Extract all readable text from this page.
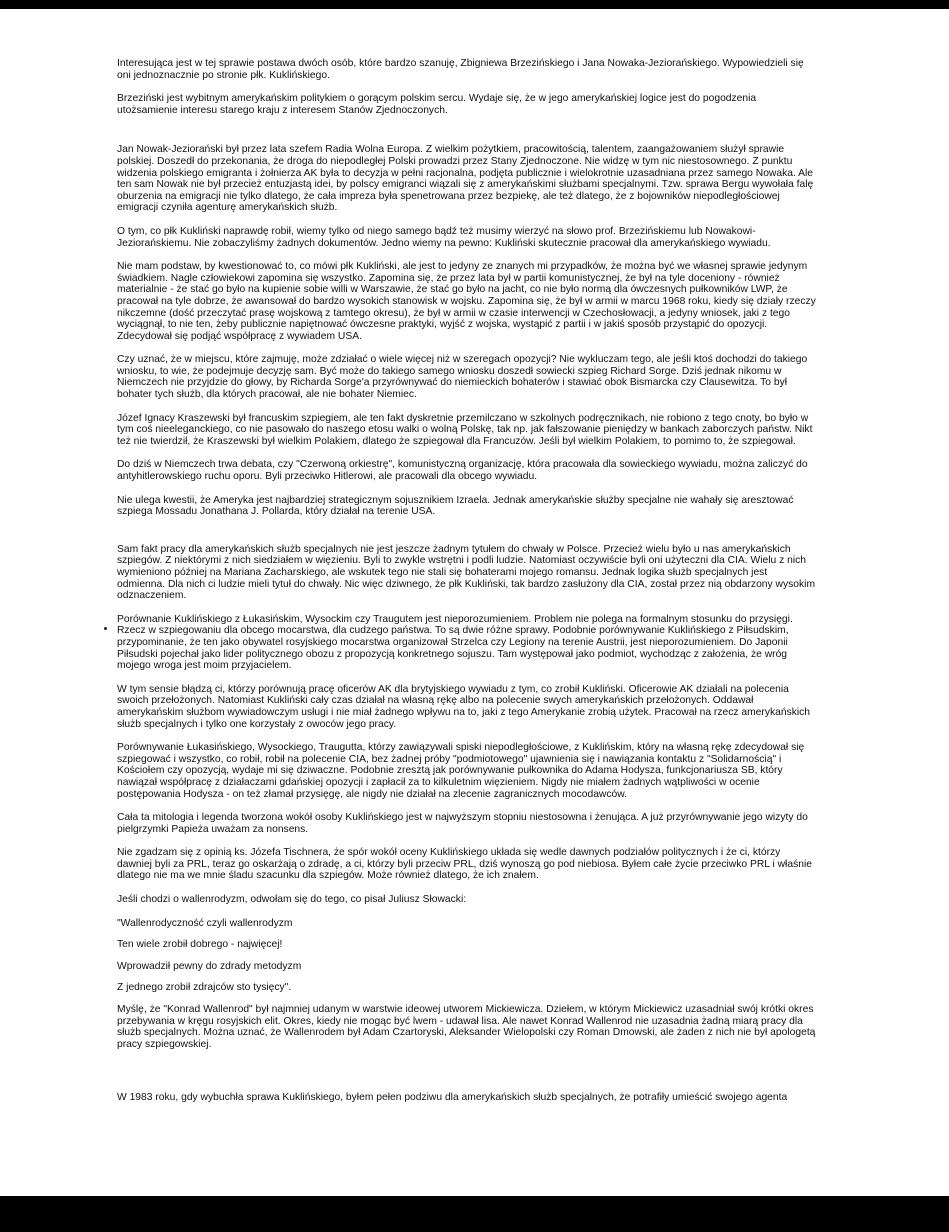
Interesująca jest w tej sprawie postawa dwóch osób, które bardzo szanuję, Zbigniewa Brzezińskiego i Jana Nowaka-Jeziorańskiego. Wypowiedzieli się oni jednoznacznie po stronie płk. Kuklińskiego.

Brzeziński jest wybitnym amerykańskim politykiem o gorącym polskim sercu. Wydaje się, że w jego amerykańskiej logice jest do pogodzenia utożsamienie interesu starego kraju z interesem Stanów Zjednoczonych.

Jan Nowak-Jeziorański był przez lata szefem Radia Wolna Europa. Z wielkim pożytkiem, pracowitością, talentem, zaangażowaniem służył sprawie polskiej. Doszedł do przekonania, że droga do niepodległej Polski prowadzi przez Stany Zjednoczone. Nie widzę w tym nic niestosownego. Z punktu widzenia polskiego emigranta i żołnierza AK była to decyzja w pełni racjonalna, podjęta publicznie i wielokrotnie uzasadniana przez samego Nowaka. Ale ten sam Nowak nie był przecież entuzjastą idei, by polscy emigranci wiązali się z amerykańskimi służbami specjalnymi. Tzw. sprawa Bergu wywołała falę oburzenia na emigracji nie tylko dlatego, że cała impreza była spenetrowana przez bezpiekę, ale też dlatego, że z bojowników niepodległościowej emigracji czyniła agenturę amerykańskich służb.

O tym, co płk Kukliński naprawdę robił, wiemy tylko od niego samego bądź też musimy wierzyć na słowo prof. Brzezińskiemu lub Nowakowi-Jeziorańskiemu. Nie zobaczyliśmy żadnych dokumentów. Jedno wiemy na pewno: Kukliński skutecznie pracował dla amerykańskiego wywiadu.

Nie mam podstaw, by kwestionować to, co mówi płk Kukliński, ale jest to jedyny ze znanych mi przypadków, że można być we własnej sprawie jedynym świadkiem. Nagle człowiekowi zapomina się wszystko. Zapomina się, że przez lata był w partii komunistycznej, że był na tyle doceniony - również materialnie - że stać go było na kupienie sobie willi w Warszawie, że stać go było na jacht, co nie było normą dla ówczesnych pułkowników LWP, że pracował na tyle dobrze, że awansował do bardzo wysokich stanowisk w wojsku. Zapomina się, że był w armii w marcu 1968 roku, kiedy się działy rzeczy nikczemne (dość przeczytać prasę wojskową z tamtego okresu), że był w armii w czasie interwencji w Czechosłowacji, a jedyny wniosek, jaki z tego wyciągnął, to nie ten, żeby publicznie napiętnować ówczesne praktyki, wyjść z wojska, wystąpić z partii i w jakiś sposób przystąpić do opozycji. Zdecydował się podjąć współpracę z wywiadem USA.

Czy uznać, że w miejscu, które zajmuję, może zdziałać o wiele więcej niż w szeregach opozycji? Nie wykluczam tego, ale jeśli ktoś dochodzi do takiego wniosku, to wie, że podejmuje decyzję sam. Być może do takiego samego wniosku doszedł sowiecki szpieg Richard Sorge. Dziś jednak nikomu w Niemczech nie przyjdzie do głowy, by Richarda Sorge'a przyrównywać do niemieckich bohaterów i stawiać obok Bismarcka czy Clausewitza. To był bohater tych służb, dla których pracował, ale nie bohater Niemiec.

Józef Ignacy Kraszewski był francuskim szpiegiem, ale ten fakt dyskretnie przemilczano w szkolnych podręcznikach, nie robiono z tego cnoty, bo było w tym coś nieeleganckiego, co nie pasowało do naszego etosu walki o wolną Polskę, tak np. jak fałszowanie pieniędzy w bankach zaborczych państw. Nikt też nie twierdził, że Kraszewski był wielkim Polakiem, dlatego że szpiegował dla Francuzów. Jeśli był wielkim Polakiem, to pomimo to, że szpiegował.

Do dziś w Niemczech trwa debata, czy "Czerwoną orkiestrę", komunistyczną organizację, która pracowała dla sowieckiego wywiadu, można zaliczyć do antyhitlerowskiego ruchu oporu. Byli przeciwko Hitlerowi, ale pracowali dla obcego wywiadu.

Nie ulega kwestii, że Ameryka jest najbardziej strategicznym sojusznikiem Izraela. Jednak amerykańskie służby specjalne nie wahały się aresztować szpiega Mossadu Jonathana J. Pollarda, który działał na terenie USA.

Sam fakt pracy dla amerykańskich służb specjalnych nie jest jeszcze żadnym tytułem do chwały w Polsce. Przecież wielu było u nas amerykańskich szpiegów. Z niektórymi z nich siedziałem w więzieniu. Byli to zwykle wstrętni i podli ludzie. Natomiast oczywiście byli oni użyteczni dla CIA. Wielu z nich wymieniono później na Mariana Zacharskiego, ale wskutek tego nie stali się bohaterami mojego romansu. Jednak logika służb specjalnych jest odmienna. Dla nich ci ludzie mieli tytuł do chwały. Nic więc dziwnego, że płk Kukliński, tak bardzo zasłużony dla CIA, został przez nią obdarzony wysokim odznaczeniem.

Porównanie Kuklińskiego z Łukasińskim, Wysockim czy Traugutem jest nieporozumieniem. Problem nie polega na formalnym stosunku do przysięgi. Rzecz w szpiegowaniu dla obcego mocarstwa, dla cudzego państwa. To są dwie różne sprawy. Podobnie porównywanie Kuklińskiego z Piłsudskim, przypominanie, że ten jako obywatel rosyjskiego mocarstwa organizował Strzelca czy Legiony na terenie Austrii, jest nieporozumieniem. Do Japonii Piłsudski pojechał jako lider politycznego obozu z propozycją konkretnego sojuszu. Tam występował jako podmiot, wychodząc z założenia, że wróg mojego wroga jest moim przyjacielem.

W tym sensie błądzą ci, którzy porównują pracę oficerów AK dla brytyjskiego wywiadu z tym, co zrobił Kukliński. Oficerowie AK działali na polecenia swoich przełożonych. Natomiast Kukliński cały czas działał na własną rękę albo na polecenie swych amerykańskich przełożonych. Oddawał amerykańskim służbom wywiadowczym usługi i nie miał żadnego wpływu na to, jaki z tego Amerykanie zrobią użytek. Pracował na rzecz amerykańskich służb specjalnych i tylko one korzystały z owoców jego pracy.

Porównywanie Łukasińskiego, Wysockiego, Traugutta, którzy zawiązywali spiski niepodległościowe, z Kuklińskim, który na własną rękę zdecydował się szpiegować i wszystko, co robił, robił na polecenie CIA, bez żadnej próby "podmiotowego" ujawnienia się i nawiązania kontaktu z "Solidarnością" i Kościołem czy opozycją, wydaje mi się dziwaczne. Podobnie zresztą jak porównywanie pułkownika do Adama Hodysza, funkcjonariusza SB, który nawiązał współpracę z działaczami gdańskiej opozycji i zapłacił za to kilkuletnim więzieniem. Nigdy nie miałem żadnych wątpliwości w ocenie postępowania Hodysza - on też złamał przysięgę, ale nigdy nie działał na zlecenie zagranicznych mocodawców.

Cała ta mitologia i legenda tworzona wokół osoby Kuklińskiego jest w najwyższym stopniu niestosowna i żenująca. A już przyrównywanie jego wizyty do pielgrzymki Papieża uważam za nonsens.

Nie zgadzam się z opinią ks. Józefa Tischnera, że spór wokół oceny Kuklińskiego układa się wedle dawnych podziałów politycznych i że ci, którzy dawniej byli za PRL, teraz go oskarżają o zdradę, a ci, którzy byli przeciw PRL, dziś wynoszą go pod niebiosa. Byłem całe życie przeciwko PRL i właśnie dlatego nie ma we mnie śladu szacunku dla szpiegów. Może również dlatego, że ich znałem.

Jeśli chodzi o wallenrodyzm, odwołam się do tego, co pisał Juliusz Słowacki:

"Wallenrodyczność czyli wallenrodyzm

Ten wiele zrobił dobrego - najwięcej!

Wprowadził pewny do zdrady metodyzm

Z jednego zrobił zdrajców sto tysięcy".

Myślę, że "Konrad Wallenrod" był najmniej udanym w warstwie ideowej utworem Mickiewicza. Dziełem, w którym Mickiewicz uzasadniał swój krótki okres przebywania w kręgu rosyjskich elit. Okres, kiedy nie mogąc być lwem - udawał lisa. Ale nawet Konrad Wallenrod nie uzasadnia żadną miarą pracy dla służb specjalnych. Można uznać, że Wallenrodem był Adam Czartoryski, Aleksander Wielopolski czy Roman Dmowski, ale żaden z nich nie był apologetą pracy szpiegowskiej.

W 1983 roku, gdy wybuchła sprawa Kuklińskiego, byłem pełen podziwu dla amerykańskich służb specjalnych, że potrafiły umieścić swojego agenta
